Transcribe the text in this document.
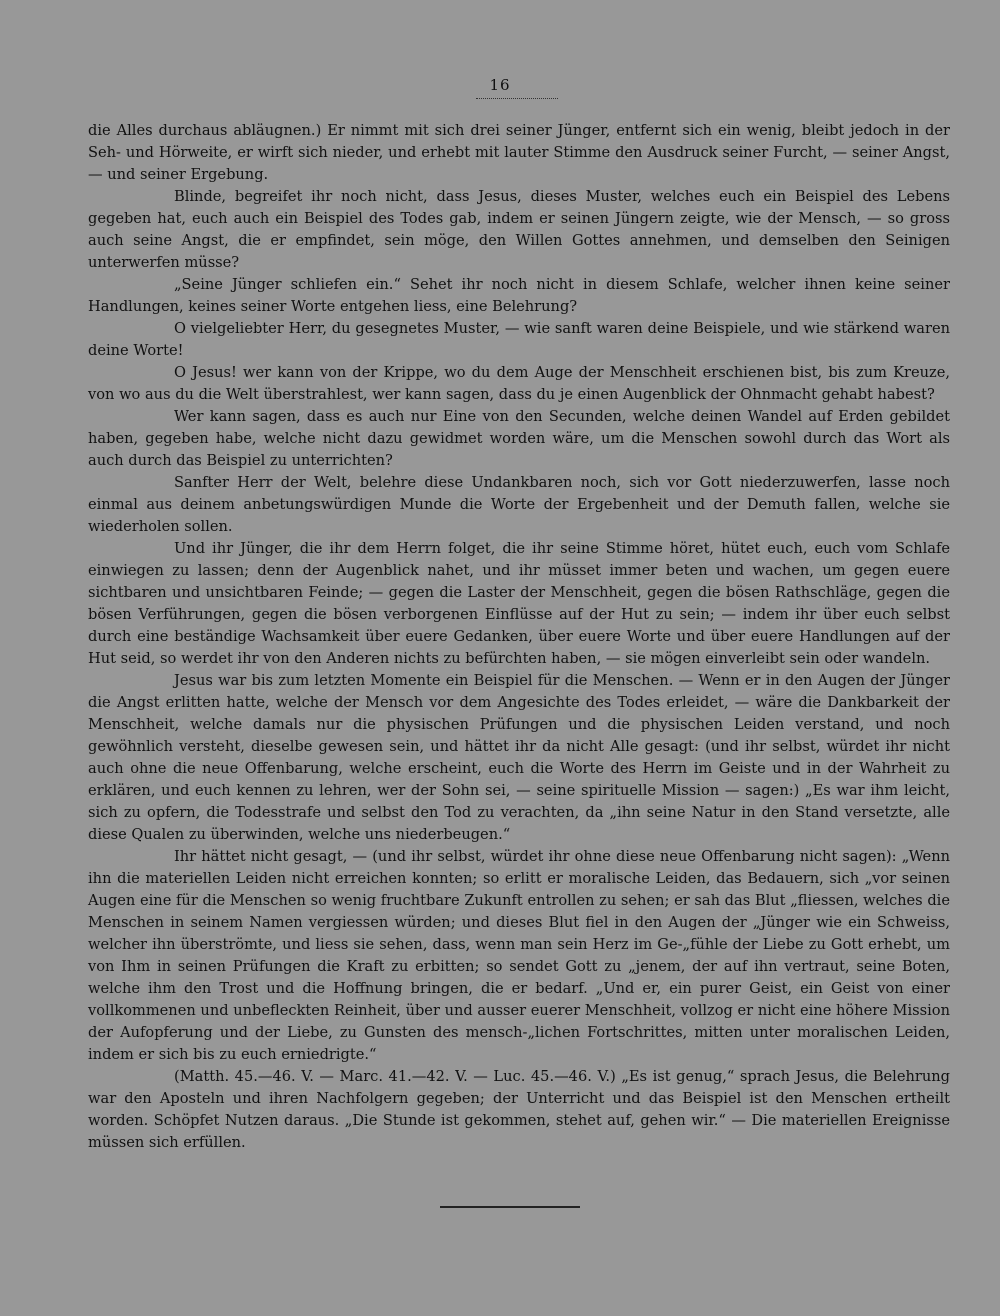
16

die Alles durchaus abläugnen.) Er nimmt mit sich drei seiner Jünger, entfernt sich ein wenig, bleibt jedoch in der Seh- und Hörweite, er wirft sich nieder, und erhebt mit lauter Stimme den Ausdruck seiner Furcht, — seiner Angst, — und seiner Ergebung.

Blinde, begreifet ihr noch nicht, dass Jesus, dieses Muster, welches euch ein Beispiel des Lebens gegeben hat, euch auch ein Beispiel des Todes gab, indem er seinen Jüngern zeigte, wie der Mensch, — so gross auch seine Angst, die er empfindet, sein möge, den Willen Gottes annehmen, und demselben den Seinigen unterwerfen müsse?

„Seine Jünger schliefen ein.“ Sehet ihr noch nicht in diesem Schlafe, welcher ihnen keine seiner Handlungen, keines seiner Worte entgehen liess, eine Belehrung?

O vielgeliebter Herr, du gesegnetes Muster, — wie sanft waren deine Beispiele, und wie stärkend waren deine Worte!

O Jesus! wer kann von der Krippe, wo du dem Auge der Menschheit erschienen bist, bis zum Kreuze, von wo aus du die Welt überstrahlest, wer kann sagen, dass du je einen Augenblick der Ohnmacht gehabt habest?

Wer kann sagen, dass es auch nur Eine von den Secunden, welche deinen Wandel auf Erden gebildet haben, gegeben habe, welche nicht dazu gewidmet worden wäre, um die Menschen sowohl durch das Wort als auch durch das Beispiel zu unterrichten?

Sanfter Herr der Welt, belehre diese Undankbaren noch, sich vor Gott niederzuwerfen, lasse noch einmal aus deinem anbetungswürdigen Munde die Worte der Ergebenheit und der Demuth fallen, welche sie wiederholen sollen.

Und ihr Jünger, die ihr dem Herrn folget, die ihr seine Stimme höret, hütet euch, euch vom Schlafe einwiegen zu lassen; denn der Augenblick nahet, und ihr müsset immer beten und wachen, um gegen euere sichtbaren und unsichtbaren Feinde; — gegen die Laster der Menschheit, gegen die bösen Rathschläge, gegen die bösen Verführungen, gegen die bösen verborgenen Einflüsse auf der Hut zu sein; — indem ihr über euch selbst durch eine beständige Wachsamkeit über euere Gedanken, über euere Worte und über euere Handlungen auf der Hut seid, so werdet ihr von den Anderen nichts zu befürchten haben, — sie mögen einverleibt sein oder wandeln.

Jesus war bis zum letzten Momente ein Beispiel für die Menschen. — Wenn er in den Augen der Jünger die Angst erlitten hatte, welche der Mensch vor dem Angesichte des Todes erleidet, — wäre die Dankbarkeit der Menschheit, welche damals nur die physischen Prüfungen und die physischen Leiden verstand, und noch gewöhnlich versteht, dieselbe gewesen sein, und hättet ihr da nicht Alle gesagt: (und ihr selbst, würdet ihr nicht auch ohne die neue Offenbarung, welche erscheint, euch die Worte des Herrn im Geiste und in der Wahrheit zu erklären, und euch kennen zu lehren, wer der Sohn sei, — seine spirituelle Mission — sagen:) „Es war ihm leicht, sich zu opfern, die Todesstrafe und selbst den Tod zu verachten, da „ihn seine Natur in den Stand versetzte, alle diese Qualen zu überwinden, welche uns niederbeugen.“

Ihr hättet nicht gesagt, — (und ihr selbst, würdet ihr ohne diese neue Offenbarung nicht sagen): „Wenn ihn die materiellen Leiden nicht erreichen konnten; so erlitt er moralische Leiden, das Bedauern, sich „vor seinen Augen eine für die Menschen so wenig fruchtbare Zukunft entrollen zu sehen; er sah das Blut „fliessen, welches die Menschen in seinem Namen vergiessen würden; und dieses Blut fiel in den Augen der „Jünger wie ein Schweiss, welcher ihn überströmte, und liess sie sehen, dass, wenn man sein Herz im Ge-„fühle der Liebe zu Gott erhebt, um von Ihm in seinen Prüfungen die Kraft zu erbitten; so sendet Gott zu „jenem, der auf ihn vertraut, seine Boten, welche ihm den Trost und die Hoffnung bringen, die er bedarf. „Und er, ein purer Geist, ein Geist von einer vollkommenen und unbefleckten Reinheit, über und ausser euerer Menschheit, vollzog er nicht eine höhere Mission der Aufopferung und der Liebe, zu Gunsten des mensch-„lichen Fortschrittes, mitten unter moralischen Leiden, indem er sich bis zu euch erniedrigte.“

(Matth. 45.—46. V. — Marc. 41.—42. V. — Luc. 45.—46. V.) „Es ist genug,“ sprach Jesus, die Belehrung war den Aposteln und ihren Nachfolgern gegeben; der Unterricht und das Beispiel ist den Menschen ertheilt worden. Schöpfet Nutzen daraus. „Die Stunde ist gekommen, stehet auf, gehen wir.“ — Die materiellen Ereignisse müssen sich erfüllen.
